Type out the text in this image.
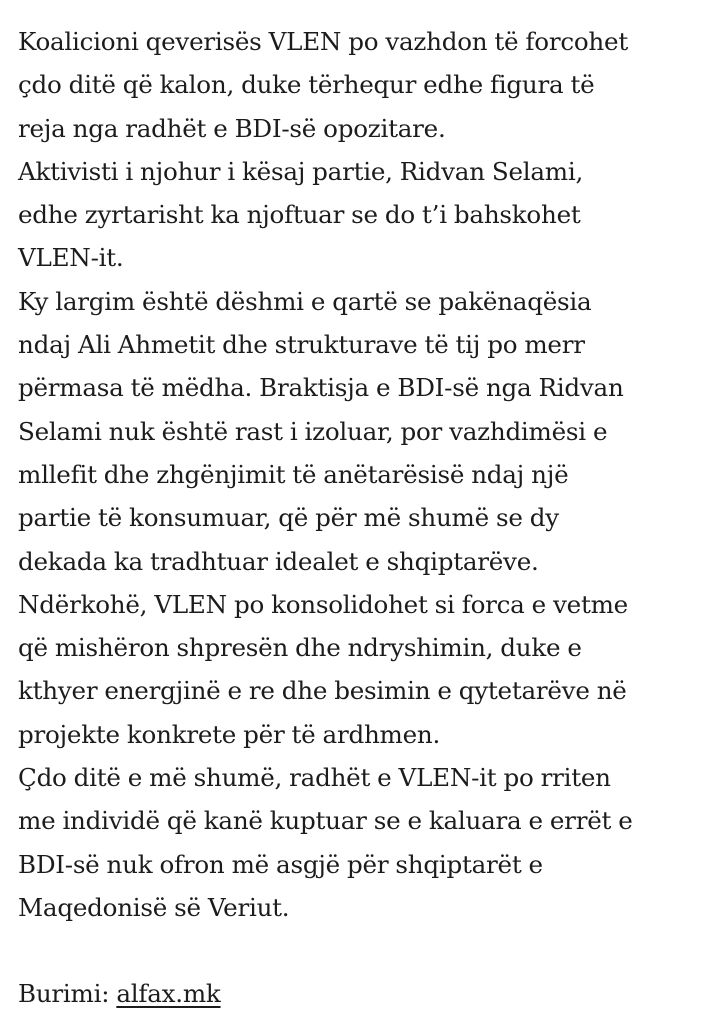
Koalicioni qeverisës VLEN po vazhdon të forcohet
çdo ditë që kalon, duke tërhequr edhe figura të
reja nga radhët e BDI-së opozitare.

Aktivisti i njohur i kësaj partie, Ridvan Selami,
edhe zyrtarisht ka njoftuar se do t’i bahskohet
VLEN-it.

Ky largim është dëshmi e qartë se pakënaqësia
ndaj Ali Ahmetit dhe strukturave të tij po merr
përmasa të mëdha. Braktisja e BDI-së nga Ridvan
Selami nuk është rast i izoluar, por vazhdimësi e
mllefit dhe zhgënjimit të anëtarësisë ndaj një
partie të konsumuar, që për më shumë se dy
dekada ka tradhtuar idealet e shqiptarëve.

Ndërkohë, VLEN po konsolidohet si forca e vetme
që mishëron shpresën dhe ndryshimin, duke e
kthyer energjinë e re dhe besimin e qytetarëve në
projekte konkrete për të ardhmen.

Çdo ditë e më shumë, radhët e VLEN-it po rriten
me individë që kanë kuptuar se e kaluara e errët e
BDI-së nuk ofron më asgjë për shqiptarët e
Maqedonisë së Veriut.

Burimi: alfax.mk
